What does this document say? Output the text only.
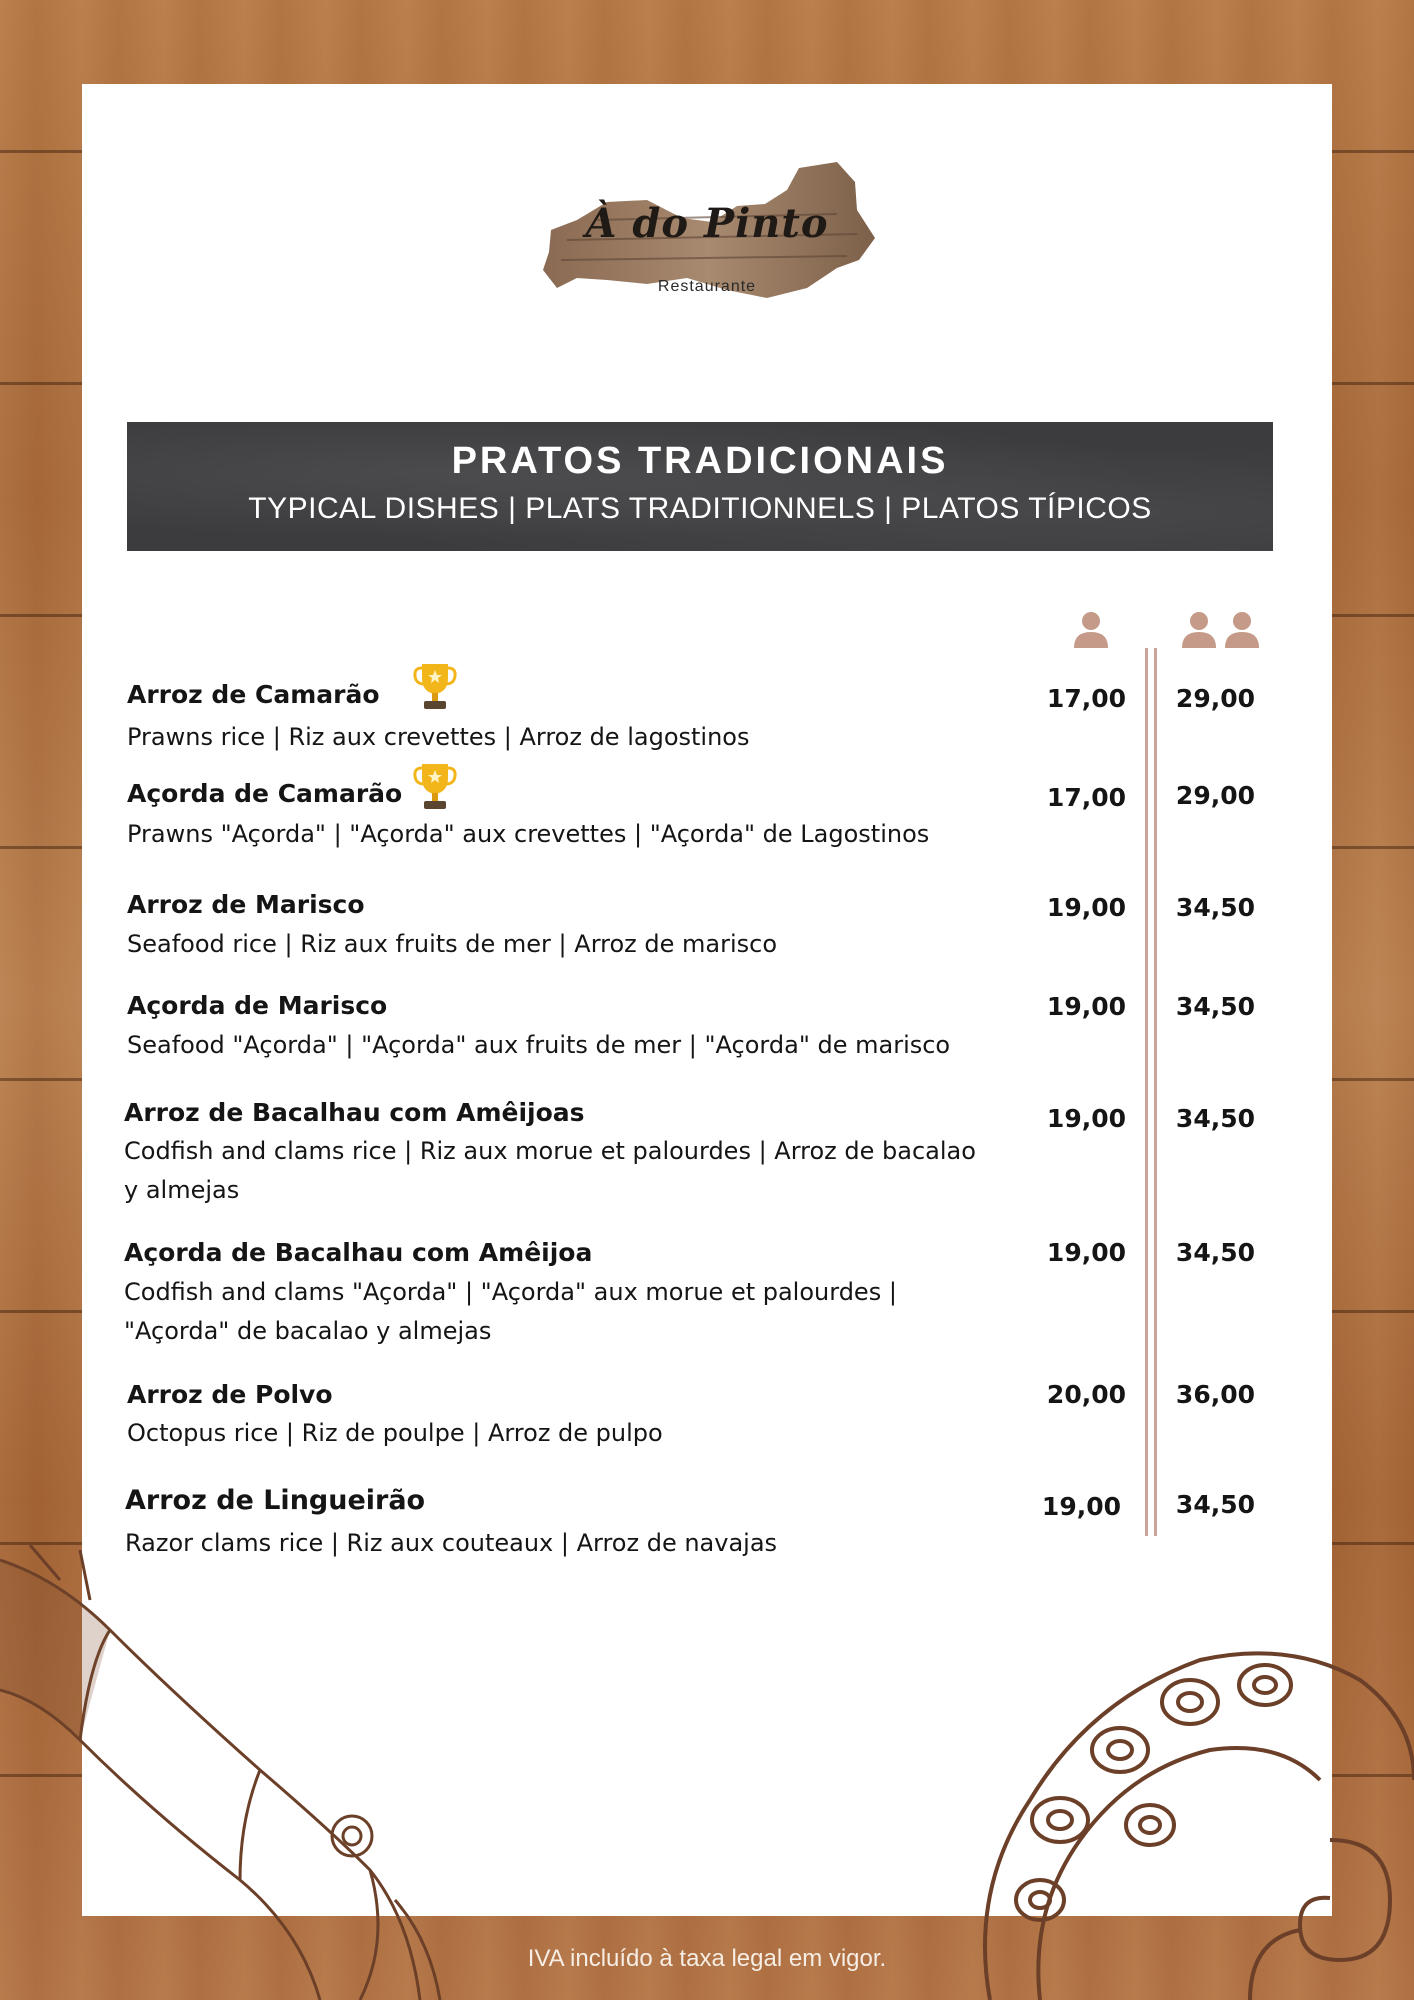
À do Pinto
Restaurante
PRATOS TRADICIONAIS
TYPICAL DISHES | PLATS TRADITIONNELS | PLATOS TÍPICOS
Arroz de Camarão
Prawns rice | Riz aux crevettes | Arroz de lagostinos
17,00	29,00
Açorda de Camarão
Prawns "Açorda" | "Açorda" aux crevettes | "Açorda" de Lagostinos
17,00	29,00
Arroz de Marisco
Seafood rice | Riz aux fruits de mer | Arroz de marisco
19,00	34,50
Açorda de Marisco
Seafood "Açorda" | "Açorda" aux fruits de mer | "Açorda" de marisco
19,00	34,50
Arroz de Bacalhau com Amêijoas
Codfish and clams rice | Riz aux morue et palourdes | Arroz de bacalao y almejas
19,00	34,50
Açorda de Bacalhau com Amêijoa
Codfish and clams "Açorda" | "Açorda" aux morue et palourdes | "Açorda" de bacalao y almejas
19,00	34,50
Arroz de Polvo
Octopus rice | Riz de poulpe | Arroz de pulpo
20,00	36,00
Arroz de Lingueirão
Razor clams rice | Riz aux couteaux | Arroz de navajas
19,00	34,50
IVA incluído à taxa legal em vigor.
